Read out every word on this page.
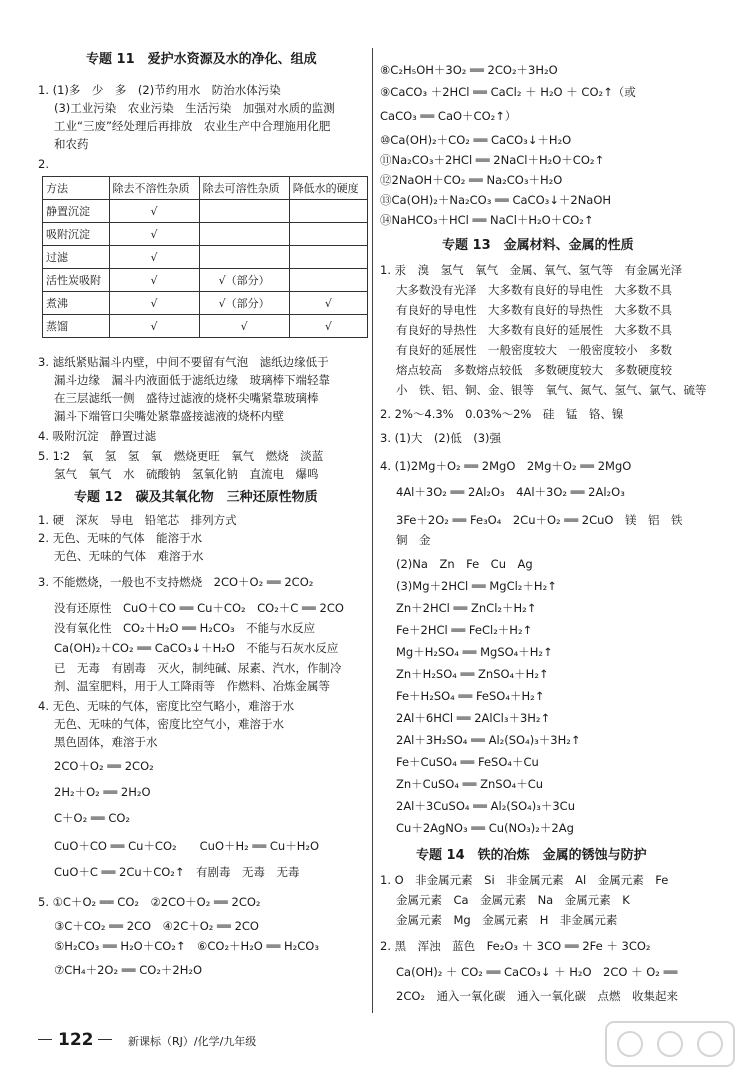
专题 11　爱护水资源及水的净化、组成
1. (1)多　少　多　(2)节约用水　防治水体污染
(3)工业污染　农业污染　生活污染　加强对水质的监测
工业“三废”经处理后再排放　农业生产中合理施用化肥
和农药
2.
方法	除去不溶性杂质	除去可溶性杂质	降低水的硬度
静置沉淀	√		
吸附沉淀	√		
过滤	√		
活性炭吸附	√	√（部分）	
煮沸	√	√（部分）	√
蒸馏	√	√	√
3. 滤纸紧贴漏斗内壁，中间不要留有气泡　滤纸边缘低于
漏斗边缘　漏斗内液面低于滤纸边缘　玻璃棒下端轻靠
在三层滤纸一侧　盛待过滤液的烧杯尖嘴紧靠玻璃棒
漏斗下端管口尖嘴处紧靠盛接滤液的烧杯内壁
4. 吸附沉淀　静置过滤
5. 1∶2　氧　氢　氢　氧　燃烧更旺　氧气　燃烧　淡蓝
氢气　氧气　水　硫酸钠　氢氧化钠　直流电　爆鸣
专题 12　碳及其氧化物　三种还原性物质
1. 硬　深灰　导电　铅笔芯　排列方式
2. 无色、无味的气体　能溶于水
无色、无味的气体　难溶于水
3. 不能燃烧，一般也不支持燃烧　2CO＋O₂ ══ 2CO₂
没有还原性　CuO＋CO ══ Cu＋CO₂　CO₂＋C ══ 2CO
没有氧化性　CO₂＋H₂O ══ H₂CO₃　不能与水反应
Ca(OH)₂＋CO₂ ══ CaCO₃↓＋H₂O　不能与石灰水反应
已　无毒　有剧毒　灭火，制纯碱、尿素、汽水，作制冷
剂、温室肥料，用于人工降雨等　作燃料、冶炼金属等
4. 无色、无味的气体，密度比空气略小，难溶于水
无色、无味的气体，密度比空气小，难溶于水
黑色固体，难溶于水
2CO＋O₂ ══ 2CO₂
2H₂＋O₂ ══ 2H₂O
C＋O₂ ══ CO₂
CuO＋CO ══ Cu＋CO₂　　CuO＋H₂ ══ Cu＋H₂O
CuO＋C ══ 2Cu＋CO₂↑　有剧毒　无毒　无毒
5. ①C＋O₂ ══ CO₂　②2CO＋O₂ ══ 2CO₂
③C＋CO₂ ══ 2CO　④2C＋O₂ ══ 2CO
⑤H₂CO₃ ══ H₂O＋CO₂↑　⑥CO₂＋H₂O ══ H₂CO₃
⑦CH₄＋2O₂ ══ CO₂＋2H₂O
⑧C₂H₅OH＋3O₂ ══ 2CO₂＋3H₂O
⑨CaCO₃ ＋2HCl ══ CaCl₂ ＋ H₂O ＋ CO₂↑（或
CaCO₃ ══ CaO＋CO₂↑）
⑩Ca(OH)₂＋CO₂ ══ CaCO₃↓＋H₂O
⑪Na₂CO₃＋2HCl ══ 2NaCl＋H₂O＋CO₂↑
⑫2NaOH＋CO₂ ══ Na₂CO₃＋H₂O
⑬Ca(OH)₂＋Na₂CO₃ ══ CaCO₃↓＋2NaOH
⑭NaHCO₃＋HCl ══ NaCl＋H₂O＋CO₂↑
专题 13　金属材料、金属的性质
1. 汞　溴　氢气　氧气　金属、氧气、氢气等　有金属光泽
大多数没有光泽　大多数有良好的导电性　大多数不具
有良好的导电性　大多数有良好的导热性　大多数不具
有良好的导热性　大多数有良好的延展性　大多数不具
有良好的延展性　一般密度较大　一般密度较小　多数
熔点较高　多数熔点较低　多数硬度较大　多数硬度较
小　铁、铝、铜、金、银等　氧气、氮气、氢气、氯气、硫等
2. 2%～4.3%　0.03%～2%　硅　锰　铬、镍
3. (1)大　(2)低　(3)强
4. (1)2Mg＋O₂ ══ 2MgO　2Mg＋O₂ ══ 2MgO
4Al＋3O₂ ══ 2Al₂O₃　4Al＋3O₂ ══ 2Al₂O₃
3Fe＋2O₂ ══ Fe₃O₄　2Cu＋O₂ ══ 2CuO　镁　铝　铁
铜　金
(2)Na　Zn　Fe　Cu　Ag
(3)Mg＋2HCl ══ MgCl₂＋H₂↑
Zn＋2HCl ══ ZnCl₂＋H₂↑
Fe＋2HCl ══ FeCl₂＋H₂↑
Mg＋H₂SO₄ ══ MgSO₄＋H₂↑
Zn＋H₂SO₄ ══ ZnSO₄＋H₂↑
Fe＋H₂SO₄ ══ FeSO₄＋H₂↑
2Al＋6HCl ══ 2AlCl₃＋3H₂↑
2Al＋3H₂SO₄ ══ Al₂(SO₄)₃＋3H₂↑
Fe＋CuSO₄ ══ FeSO₄＋Cu
Zn＋CuSO₄ ══ ZnSO₄＋Cu
2Al＋3CuSO₄ ══ Al₂(SO₄)₃＋3Cu
Cu＋2AgNO₃ ══ Cu(NO₃)₂＋2Ag
专题 14　铁的冶炼　金属的锈蚀与防护
1. O　非金属元素　Si　非金属元素　Al　金属元素　Fe
金属元素　Ca　金属元素　Na　金属元素　K
金属元素　Mg　金属元素　H　非金属元素
2. 黑　浑浊　蓝色　Fe₂O₃ ＋ 3CO ══ 2Fe ＋ 3CO₂
Ca(OH)₂ ＋ CO₂ ══ CaCO₃↓ ＋ H₂O　2CO ＋ O₂ ══
2CO₂　通入一氧化碳　通入一氧化碳　点燃　收集起来
122	新课标（RJ）/化学/九年级
